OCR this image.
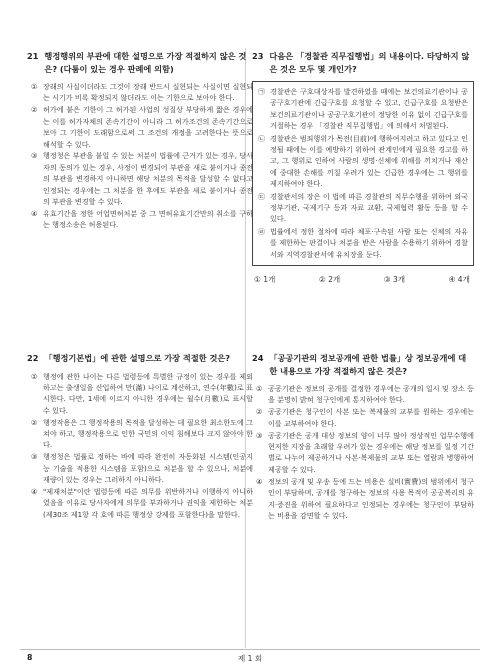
21 행정행위의 부관에 대한 설명으로 가장 적절하지 않은 것은? (다툼이 있는 경우 판례에 의함)
① 장래의 사실이더라도 그것이 장래 반드시 실현되는 사실이면 실현되는 시기가 비록 확정되지 않더라도 이는 기한으로 보아야 한다.
② 허가에 붙은 기한이 그 허가된 사업의 성질상 부당하게 짧은 경우에는 이를 허가자체의 존속기간이 아니라 그 허가조건의 존속기간으로 보아 그 기한이 도래함으로써 그 조건의 개정을 고려한다는 뜻으로 해석할 수 있다.
③ 행정청은 부관을 붙일 수 있는 처분이 법률에 근거가 있는 경우, 당사자의 동의가 있는 경우, 사정이 변경되어 부관을 새로 붙이거나 종전의 부관을 변경하지 아니하면 해당 처분의 목적을 달성할 수 없다고 인정되는 경우에는 그 처분을 한 후에도 부관을 새로 붙이거나 종전의 부관을 변경할 수 있다.
④ 유효기간을 정한 어업면허처분 중 그 면허유효기간만의 취소를 구하는 행정소송은 허용된다.
22 「행정기본법」에 관한 설명으로 가장 적절한 것은?
① 행정에 관한 나이는 다른 법령등에 특별한 규정이 있는 경우를 제외하고는 출생일을 산입하여 만(滿) 나이로 계산하고, 연수(年數)로 표시한다. 다만, 1세에 이르지 아니한 경우에는 월수(月數)로 표시할 수 있다.
② 행정작용은 그 행정작용의 목적을 달성하는 데 필요한 최소한도에 그쳐야 하고, 행정작용으로 인한 국민의 이익 침해보다 크지 않아야 한다.
③ 행정청은 법률로 정하는 바에 따라 완전히 자동화된 시스템(인공지능 기술을 적용한 시스템을 포함)으로 처분을 할 수 있으나, 처분에 재량이 있는 경우는 그러하지 아니하다.
④ "제재처분"이란 법령등에 따른 의무를 위반하거나 이행하지 아니하였음을 이유로 당사자에게 의무를 부과하거나 권익을 제한하는 처분(제30조 제1항 각 호에 따른 행정상 강제를 포함한다)을 말한다.
23 다음은 「경찰관 직무집행법」의 내용이다. 타당하지 않은 것은 모두 몇 개인가?
㉠ 경찰관은 구호대상자를 발견하였을 때에는 보건의료기관이나 공공구호기관에 긴급구호를 요청할 수 있고, 긴급구호를 요청받은 보건의료기관이나 공공구호기관이 정당한 이유 없이 긴급구호를 거절하는 경우 「경찰관 직무집행법」에 의해서 처벌된다.
㉡ 경찰관은 범죄행위가 목전(目前)에 행하여지려고 하고 있다고 인정될 때에는 이를 예방하기 위하여 관계인에게 필요한 경고를 하고, 그 행위로 인하여 사람의 생명·신체에 위해를 끼치거나 재산에 중대한 손해를 끼칠 우려가 있는 긴급한 경우에는 그 행위를 제지하여야 한다.
㉢ 경찰관서의 장은 이 법에 따른 경찰관의 직무수행을 위하여 외국 정부기관, 국제기구 등과 자료 교환, 국제협력 활동 등을 할 수 있다.
㉣ 법률에서 정한 절차에 따라 체포·구속된 사람 또는 신체의 자유를 제한하는 판결이나 처분을 받은 사람을 수용하기 위하여 경찰서와 지역경찰관서에 유치장을 둔다.
① 1개	② 2개	③ 3개	④ 4개
24 「공공기관의 정보공개에 관한 법률」상 정보공개에 대한 내용으로 가장 적절하지 않은 것은?
① 공공기관은 정보의 공개를 결정한 경우에는 공개의 일시 및 장소 등을 분명히 밝혀 청구인에게 통지하여야 한다.
② 공공기관은 청구인이 사본 또는 복제물의 교부를 원하는 경우에는 이를 교부하여야 한다.
③ 공공기관은 공개 대상 정보의 양이 너무 많아 정상적인 업무수행에 현저한 지장을 초래할 우려가 있는 경우에는 해당 정보를 일정 기간별로 나누어 제공하거나 사본·복제물의 교부 또는 열람과 병행하여 제공할 수 있다.
④ 정보의 공개 및 우송 등에 드는 비용은 실비(實費)의 범위에서 청구인이 부담하며, 공개를 청구하는 정보의 사용 목적이 공공복리의 유지·증진을 위하여 필요하다고 인정되는 경우에는 청구인이 부담하는 비용을 감면할 수 있다.
8	제 1 회
